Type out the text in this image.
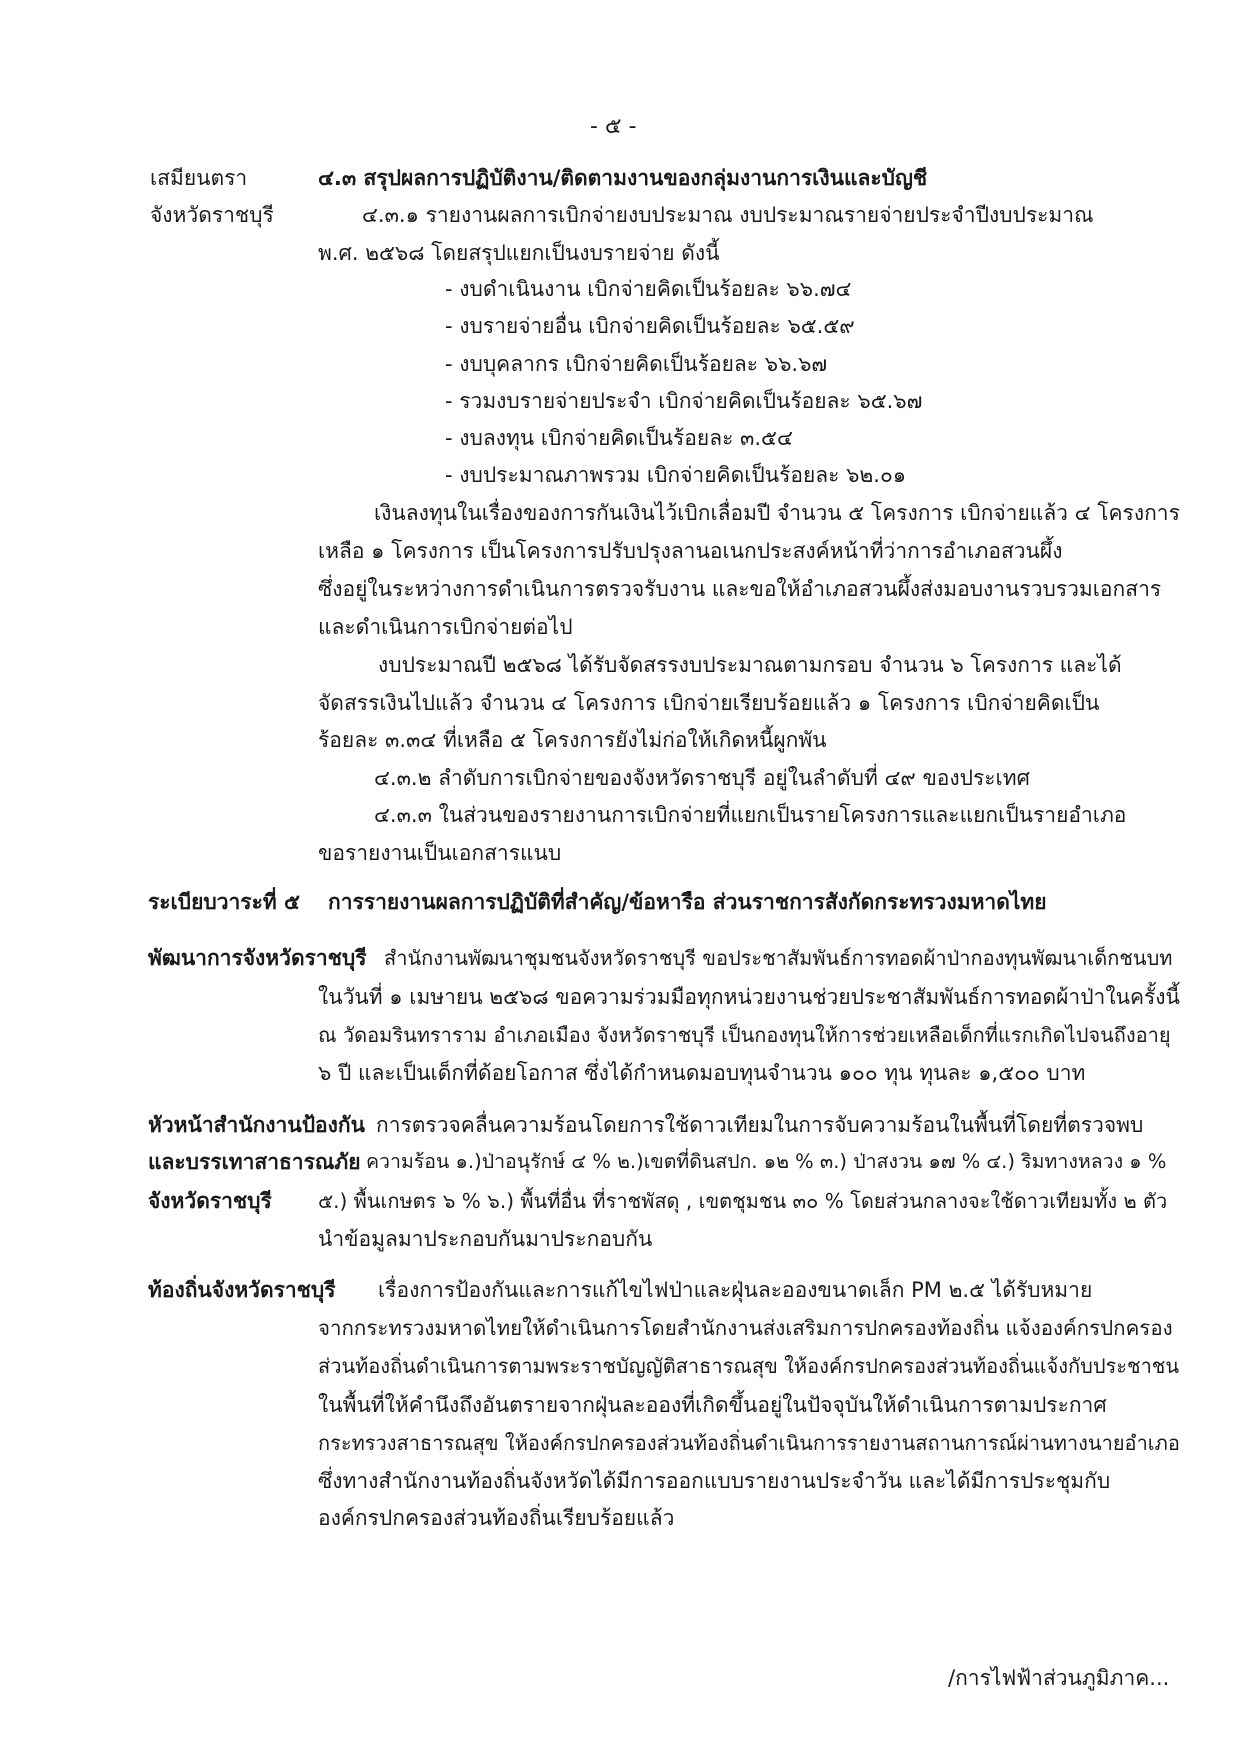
- ๕ -
เสมียนตรา
จังหวัดราชบุรี
๔.๓ สรุปผลการปฏิบัติงาน/ติดตามงานของกลุ่มงานการเงินและบัญชี
๔.๓.๑ รายงานผลการเบิกจ่ายงบประมาณ งบประมาณรายจ่ายประจำปีงบประมาณ
พ.ศ. ๒๕๖๘ โดยสรุปแยกเป็นงบรายจ่าย ดังนี้
- งบดำเนินงาน เบิกจ่ายคิดเป็นร้อยละ ๖๖.๗๔
- งบรายจ่ายอื่น เบิกจ่ายคิดเป็นร้อยละ ๖๕.๕๙
- งบบุคลากร เบิกจ่ายคิดเป็นร้อยละ ๖๖.๖๗
- รวมงบรายจ่ายประจำ เบิกจ่ายคิดเป็นร้อยละ ๖๕.๖๗
- งบลงทุน เบิกจ่ายคิดเป็นร้อยละ ๓.๕๔
- งบประมาณภาพรวม เบิกจ่ายคิดเป็นร้อยละ ๖๒.๐๑
เงินลงทุนในเรื่องของการกันเงินไว้เบิกเลื่อมปี จำนวน ๕ โครงการ เบิกจ่ายแล้ว ๔ โครงการ
เหลือ ๑ โครงการ เป็นโครงการปรับปรุงลานอเนกประสงค์หน้าที่ว่าการอำเภอสวนผึ้ง
ซึ่งอยู่ในระหว่างการดำเนินการตรวจรับงาน และขอให้อำเภอสวนผึ้งส่งมอบงานรวบรวมเอกสาร
และดำเนินการเบิกจ่ายต่อไป
งบประมาณปี ๒๕๖๘ ได้รับจัดสรรงบประมาณตามกรอบ จำนวน ๖ โครงการ และได้
จัดสรรเงินไปแล้ว จำนวน ๔ โครงการ เบิกจ่ายเรียบร้อยแล้ว ๑ โครงการ เบิกจ่ายคิดเป็น
ร้อยละ ๓.๓๔ ที่เหลือ ๕ โครงการยังไม่ก่อให้เกิดหนี้ผูกพัน
๔.๓.๒ ลำดับการเบิกจ่ายของจังหวัดราชบุรี อยู่ในลำดับที่ ๔๙ ของประเทศ
๔.๓.๓ ในส่วนของรายงานการเบิกจ่ายที่แยกเป็นรายโครงการและแยกเป็นรายอำเภอ
ขอรายงานเป็นเอกสารแนบ
ระเบียบวาระที่ ๕ การรายงานผลการปฏิบัติที่สำคัญ/ข้อหารือ ส่วนราชการสังกัดกระทรวงมหาดไทย
พัฒนาการจังหวัดราชบุรี สำนักงานพัฒนาชุมชนจังหวัดราชบุรี ขอประชาสัมพันธ์การทอดผ้าป่ากองทุนพัฒนาเด็กชนบท
ในวันที่ ๑ เมษายน ๒๕๖๘ ขอความร่วมมือทุกหน่วยงานช่วยประชาสัมพันธ์การทอดผ้าป่าในครั้งนี้
ณ วัดอมรินทราราม อำเภอเมือง จังหวัดราชบุรี เป็นกองทุนให้การช่วยเหลือเด็กที่แรกเกิดไปจนถึงอายุ
๖ ปี และเป็นเด็กที่ด้อยโอกาส ซึ่งได้กำหนดมอบทุนจำนวน ๑๐๐ ทุน ทุนละ ๑,๕๐๐ บาท
หัวหน้าสำนักงานป้องกัน
และบรรเทาสาธารณภัย
จังหวัดราชบุรี
การตรวจคลื่นความร้อนโดยการใช้ดาวเทียมในการจับความร้อนในพื้นที่โดยที่ตรวจพบ
ความร้อน ๑.)ป่าอนุรักษ์ ๔ % ๒.)เขตที่ดินสปก. ๑๒ % ๓.) ป่าสงวน ๑๗ % ๔.) ริมทางหลวง ๑ %
๕.) พื้นเกษตร ๖ % ๖.) พื้นที่อื่น ที่ราชพัสดุ , เขตชุมชน ๓๐ % โดยส่วนกลางจะใช้ดาวเทียมทั้ง ๒ ตัว
นำข้อมูลมาประกอบกันมาประกอบกัน
ท้องถิ่นจังหวัดราชบุรี เรื่องการป้องกันและการแก้ไขไฟป่าและฝุ่นละอองขนาดเล็ก PM ๒.๕ ได้รับหมาย
จากกระทรวงมหาดไทยให้ดำเนินการโดยสำนักงานส่งเสริมการปกครองท้องถิ่น แจ้งองค์กรปกครอง
ส่วนท้องถิ่นดำเนินการตามพระราชบัญญัติสาธารณสุข ให้องค์กรปกครองส่วนท้องถิ่นแจ้งกับประชาชน
ในพื้นที่ให้คำนึงถึงอันตรายจากฝุ่นละอองที่เกิดขึ้นอยู่ในปัจจุบันให้ดำเนินการตามประกาศ
กระทรวงสาธารณสุข ให้องค์กรปกครองส่วนท้องถิ่นดำเนินการรายงานสถานการณ์ผ่านทางนายอำเภอ
ซึ่งทางสำนักงานท้องถิ่นจังหวัดได้มีการออกแบบรายงานประจำวัน และได้มีการประชุมกับ
องค์กรปกครองส่วนท้องถิ่นเรียบร้อยแล้ว
/การไฟฟ้าส่วนภูมิภาค...
